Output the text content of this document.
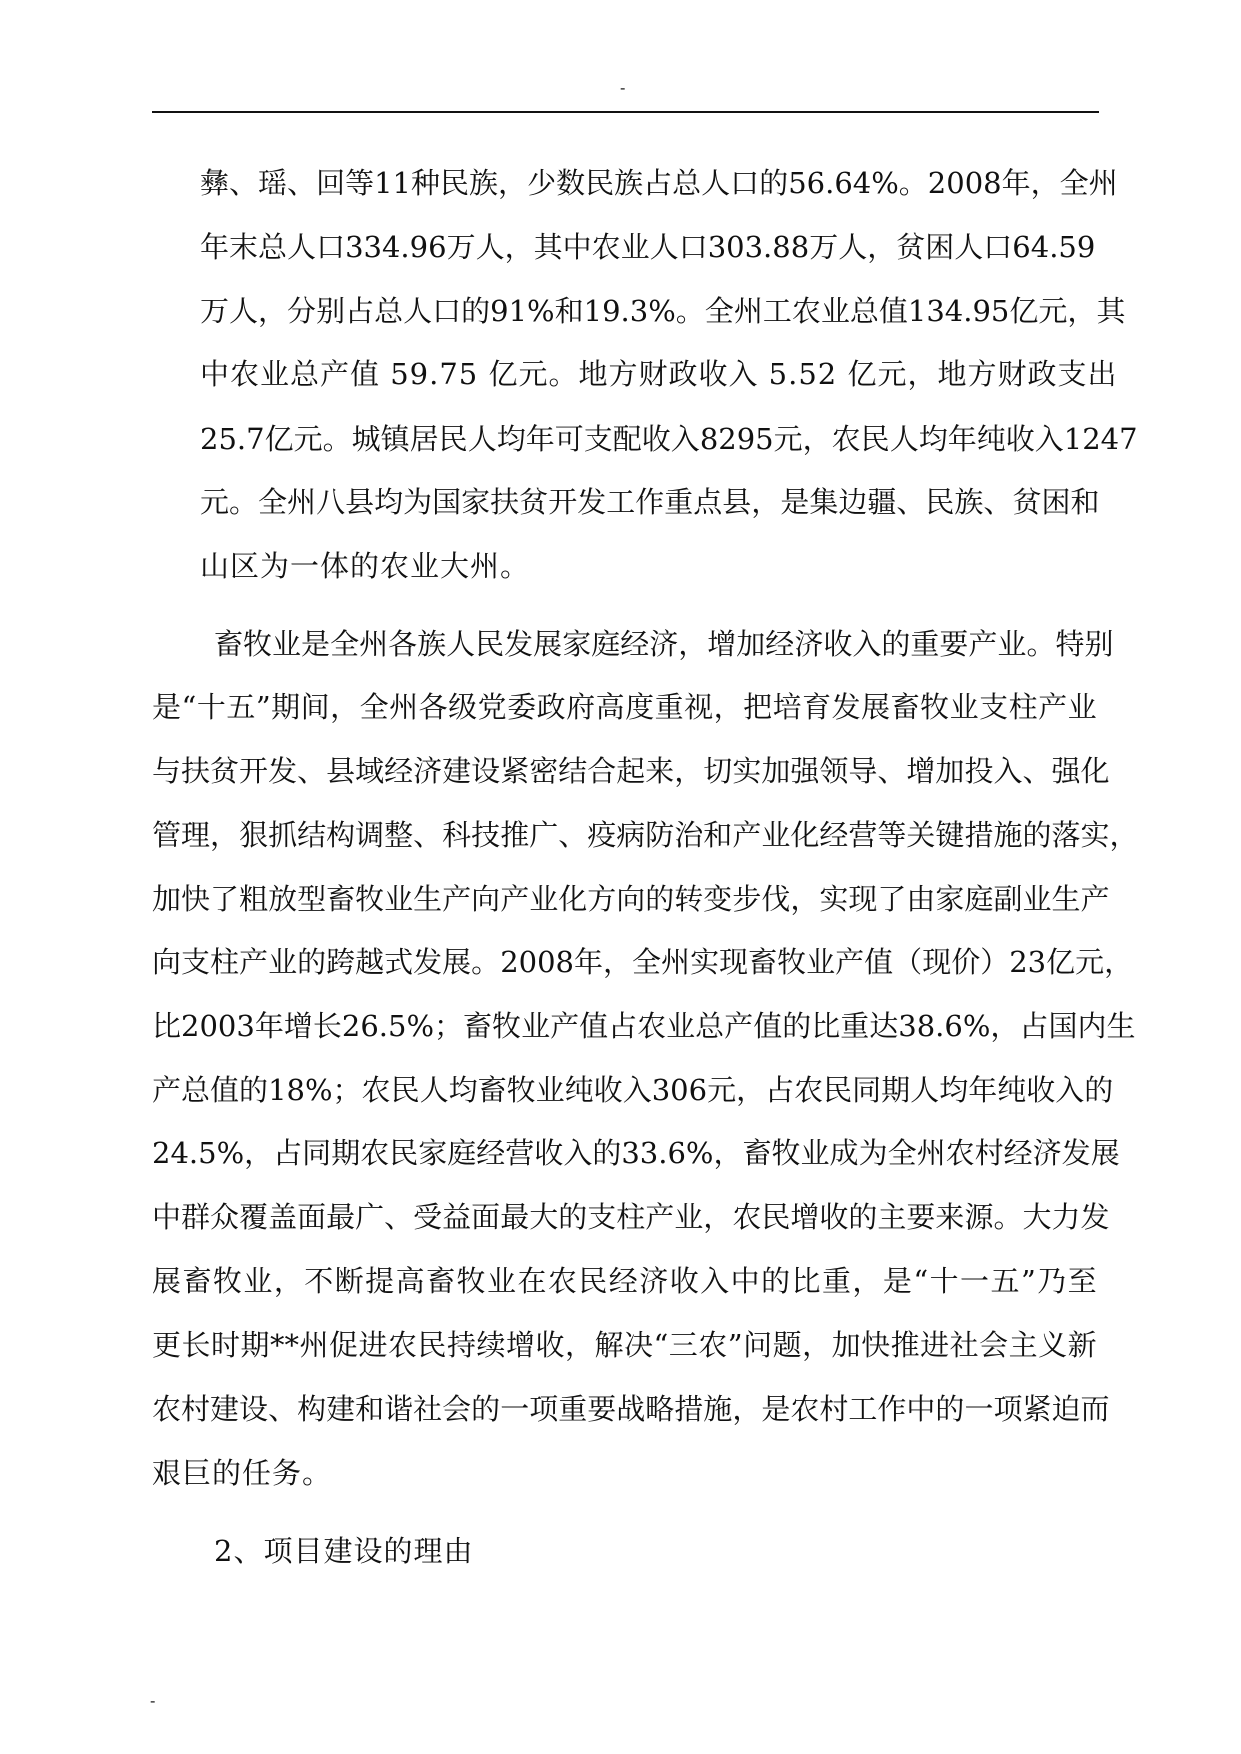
-
彝 、 瑶 、 回 等 11 种 民 族 ， 少 数 民 族 占 总 人 口 的 56.64% 。 2008 年 ， 全 州
年 末 总 人 口 334.96 万 人 ， 其 中 农 业 人 口 303.88 万 人 ， 贫 困 人 口 64.59
万 人 ， 分 别 占 总 人 口 的 91% 和 19.3% 。 全 州 工 农 业 总 值 134.95 亿 元 ， 其
中农业总产值 59.75 亿元。地方财政收入 5.52 亿元，地方财政支出
25.7 亿 元 。 城 镇 居 民 人 均 年 可 支 配 收 入 8295 元 ， 农 民 人 均 年 纯 收 入 1247
元 。 全 州 八 县 均 为 国 家 扶 贫 开 发 工 作 重 点 县 ， 是 集 边 疆 、 民 族 、 贫 困 和
山区为一体的农业大州。
畜 牧 业 是 全 州 各 族 人 民 发 展 家 庭 经 济 ， 增 加 经 济 收 入 的 重 要 产 业 。 特 别
是 “ 十 五 ” 期 间 ， 全 州 各 级 党 委 政 府 高 度 重 视 ， 把 培 育 发 展 畜 牧 业 支 柱 产 业
与 扶 贫 开 发 、 县 域 经 济 建 设 紧 密 结 合 起 来 ， 切 实 加 强 领 导 、 增 加 投 入 、 强 化
管 理 ， 狠 抓 结 构 调 整 、 科 技 推 广 、 疫 病 防 治 和 产 业 化 经 营 等 关 键 措 施 的 落 实 ，
加 快 了 粗 放 型 畜 牧 业 生 产 向 产 业 化 方 向 的 转 变 步 伐 ， 实 现 了 由 家 庭 副 业 生 产
向 支 柱 产 业 的 跨 越 式 发 展 。 2008 年 ， 全 州 实 现 畜 牧 业 产 值 （ 现 价 ） 23 亿 元 ，
比 2003 年 增 长 26.5% ； 畜 牧 业 产 值 占 农 业 总 产 值 的 比 重 达 38.6% ， 占 国 内 生
产 总 值 的 18% ； 农 民 人 均 畜 牧 业 纯 收 入 306 元 ， 占 农 民 同 期 人 均 年 纯 收 入 的
24.5% ， 占 同 期 农 民 家 庭 经 营 收 入 的 33.6% ， 畜 牧 业 成 为 全 州 农 村 经 济 发 展
中 群 众 覆 盖 面 最 广 、 受 益 面 最 大 的 支 柱 产 业 ， 农 民 增 收 的 主 要 来 源 。 大 力 发
展 畜 牧 业 ， 不 断 提 高 畜 牧 业 在 农 民 经 济 收 入 中 的 比 重 ， 是 “ 十 一 五 ” 乃 至
更 长 时 期 ** 州 促 进 农 民 持 续 增 收 ， 解 决 “ 三 农 ” 问 题 ， 加 快 推 进 社 会 主 义 新
农 村 建 设 、 构 建 和 谐 社 会 的 一 项 重 要 战 略 措 施 ， 是 农 村 工 作 中 的 一 项 紧 迫 而
艰巨的任务。
2、项目建设的理由
-
